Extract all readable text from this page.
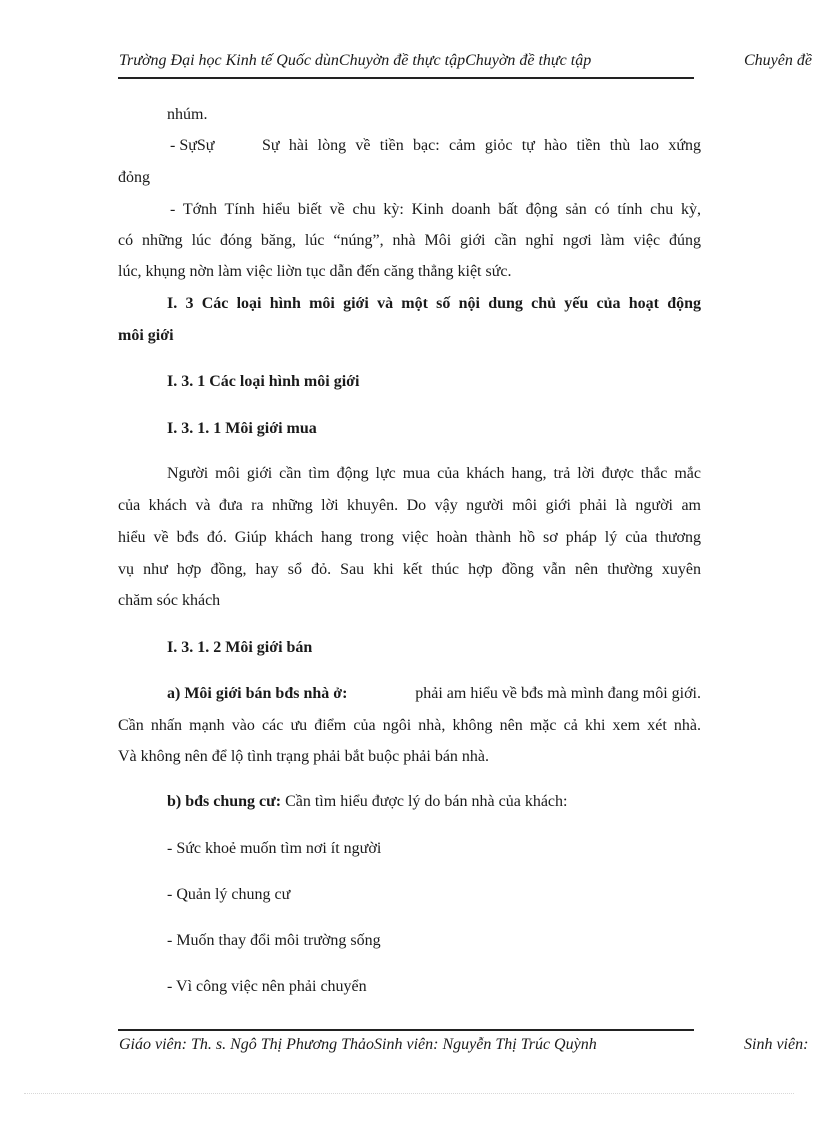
Trường Đại học Kinh tế Quốc dùnChuyờn đề thực tậpChuyờn đề thực tập	Chuyên đề
nhúm.
- SựSự	Sự hài lòng về tiền bạc: cảm giỏc tự hào tiền thù lao xứng
đỏng
- Tớnh Tính hiểu biết về chu kỳ: Kinh doanh bất động sản có tính chu kỳ,
có những lúc đóng băng, lúc “núng”, nhà Môi giới cần nghỉ ngơi làm việc đúng
lúc, khụng nờn làm việc liờn tục dẫn đến căng thẳng kiệt sức.
I. 3 Các loại hình môi giới và một số nội dung chủ yếu của hoạt động
môi giới
I. 3. 1 Các loại hình môi giới
I. 3. 1. 1 Môi giới mua
Người môi giới cần tìm động lực mua của khách hang, trả lời được thắc mắc
của khách và đưa ra những lời khuyên. Do vậy người môi giới phải là người am
hiểu về bđs đó. Giúp khách hang trong việc hoàn thành hồ sơ pháp lý của thương
vụ như hợp đồng, hay sổ đỏ. Sau khi kết thúc hợp đồng vẫn nên thường xuyên
chăm sóc khách
I. 3. 1. 2 Môi giới bán
a) Môi giới bán bđs nhà ở:	phải am hiểu về bđs mà mình đang môi giới.
Cần nhấn mạnh vào các ưu điểm của ngôi nhà, không nên mặc cả khi xem xét nhà.
Và không nên để lộ tình trạng phải bắt buộc phải bán nhà.
b) bđs chung cư: Cần tìm hiểu được lý do bán nhà của khách:
- Sức khoẻ muốn tìm nơi ít người
- Quản lý chung cư
- Muốn thay đổi môi trường sống
- Vì công việc nên phải chuyển
Giáo viên: Th. s. Ngô Thị Phương ThảoSinh viên: Nguyễn Thị Trúc Quỳnh	Sinh viên:
